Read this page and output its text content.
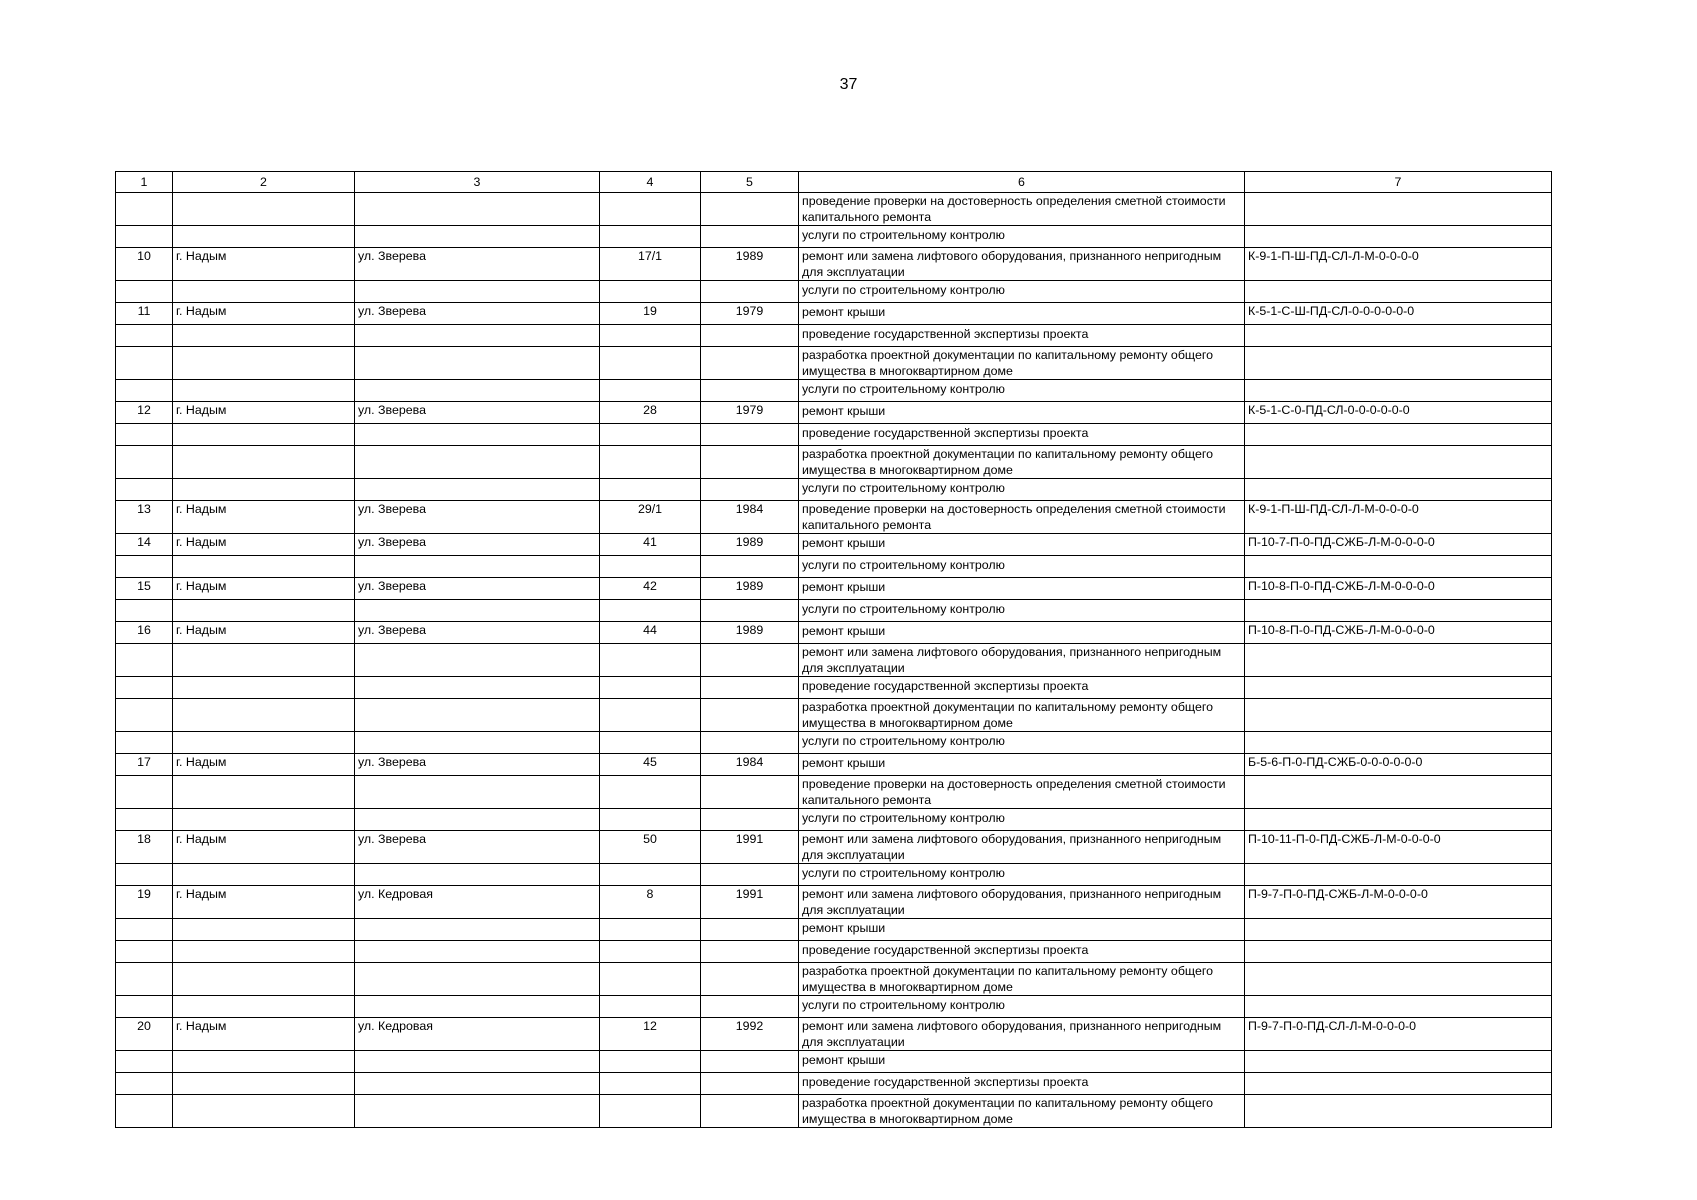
37
1	2	3	4	5	6	7
					проведение проверки на достоверность определения сметной стоимости капитального ремонта	
					услуги по строительному контролю	
10	г. Надым	ул. Зверева	17/1	1989	ремонт или замена лифтового оборудования, признанного непригодным для эксплуатации	К-9-1-П-Ш-ПД-СЛ-Л-М-0-0-0-0
					услуги по строительному контролю	
11	г. Надым	ул. Зверева	19	1979	ремонт крыши	К-5-1-С-Ш-ПД-СЛ-0-0-0-0-0-0
					проведение государственной экспертизы проекта	
					разработка проектной документации по капитальному ремонту общего имущества в многоквартирном доме	
					услуги по строительному контролю	
12	г. Надым	ул. Зверева	28	1979	ремонт крыши	К-5-1-С-0-ПД-СЛ-0-0-0-0-0-0
					проведение государственной экспертизы проекта	
					разработка проектной документации по капитальному ремонту общего имущества в многоквартирном доме	
					услуги по строительному контролю	
13	г. Надым	ул. Зверева	29/1	1984	проведение проверки на достоверность определения сметной стоимости капитального ремонта	К-9-1-П-Ш-ПД-СЛ-Л-М-0-0-0-0
14	г. Надым	ул. Зверева	41	1989	ремонт крыши	П-10-7-П-0-ПД-СЖБ-Л-М-0-0-0-0
					услуги по строительному контролю	
15	г. Надым	ул. Зверева	42	1989	ремонт крыши	П-10-8-П-0-ПД-СЖБ-Л-М-0-0-0-0
					услуги по строительному контролю	
16	г. Надым	ул. Зверева	44	1989	ремонт крыши	П-10-8-П-0-ПД-СЖБ-Л-М-0-0-0-0
					ремонт или замена лифтового оборудования, признанного непригодным для эксплуатации	
					проведение государственной экспертизы проекта	
					разработка проектной документации по капитальному ремонту общего имущества в многоквартирном доме	
					услуги по строительному контролю	
17	г. Надым	ул. Зверева	45	1984	ремонт крыши	Б-5-6-П-0-ПД-СЖБ-0-0-0-0-0-0
					проведение проверки на достоверность определения сметной стоимости капитального ремонта	
					услуги по строительному контролю	
18	г. Надым	ул. Зверева	50	1991	ремонт или замена лифтового оборудования, признанного непригодным для эксплуатации	П-10-11-П-0-ПД-СЖБ-Л-М-0-0-0-0
					услуги по строительному контролю	
19	г. Надым	ул. Кедровая	8	1991	ремонт или замена лифтового оборудования, признанного непригодным для эксплуатации	П-9-7-П-0-ПД-СЖБ-Л-М-0-0-0-0
					ремонт крыши	
					проведение государственной экспертизы проекта	
					разработка проектной документации по капитальному ремонту общего имущества в многоквартирном доме	
					услуги по строительному контролю	
20	г. Надым	ул. Кедровая	12	1992	ремонт или замена лифтового оборудования, признанного непригодным для эксплуатации	П-9-7-П-0-ПД-СЛ-Л-М-0-0-0-0
					ремонт крыши	
					проведение государственной экспертизы проекта	
					разработка проектной документации по капитальному ремонту общего имущества в многоквартирном доме	
